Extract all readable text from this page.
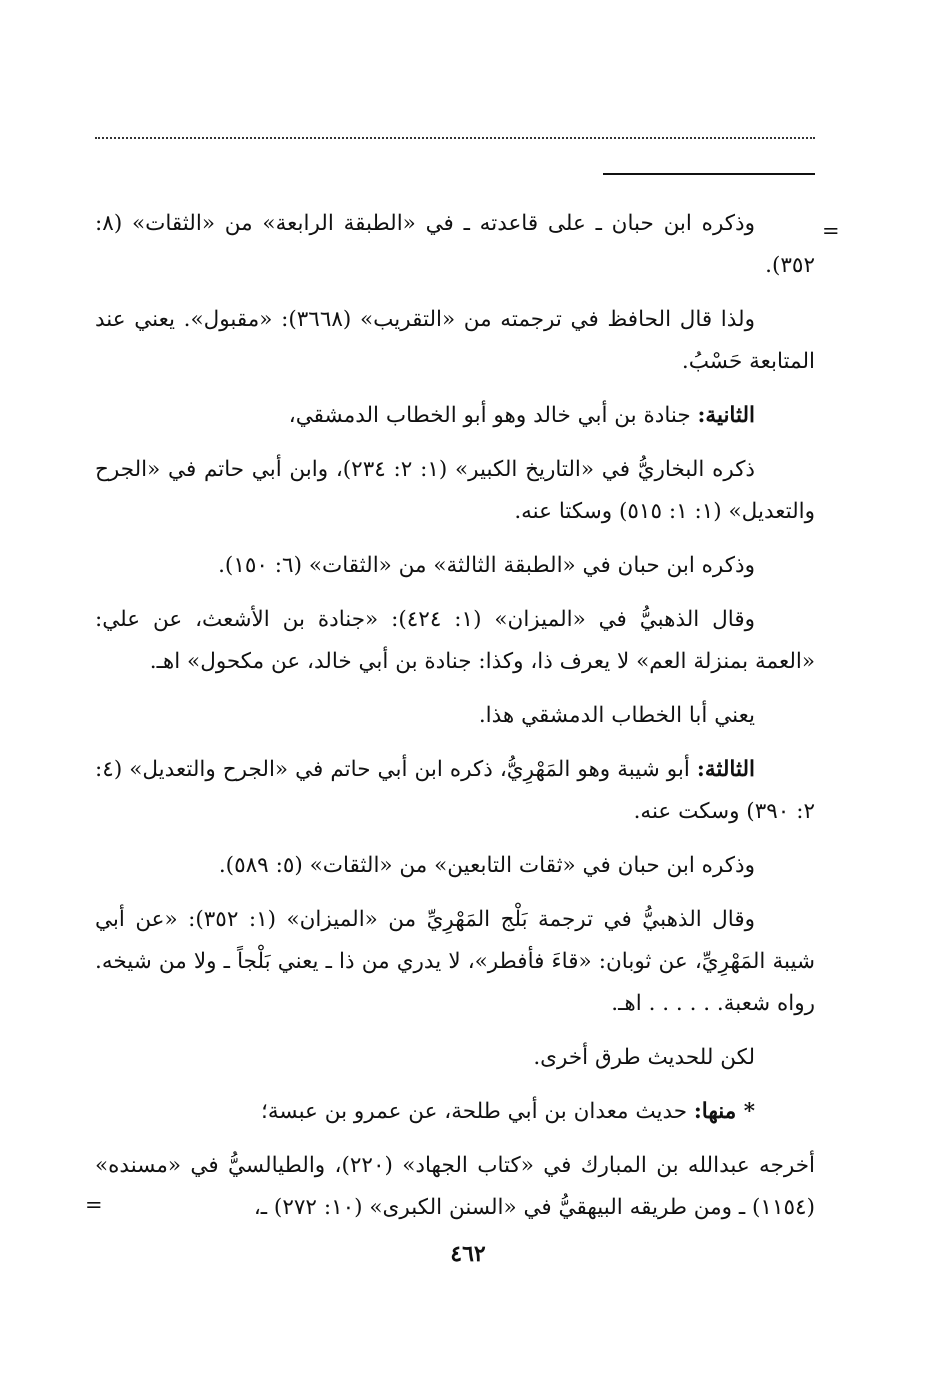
=

وذكره ابن حبان ـ على قاعدته ـ في «الطبقة الرابعة» من «الثقات» (٨: ٣٥٢).

ولذا قال الحافظ في ترجمته من «التقريب» (٣٦٦٨): «مقبول». يعني عند المتابعة حَسْبُ.

الثانية: جنادة بن أبي خالد وهو أبو الخطاب الدمشقي،

ذكره البخاريُّ في «التاريخ الكبير» (١: ٢: ٢٣٤)، وابن أبي حاتم في «الجرح والتعديل» (١: ١: ٥١٥) وسكتا عنه.

وذكره ابن حبان في «الطبقة الثالثة» من «الثقات» (٦: ١٥٠).

وقال الذهبيُّ في «الميزان» (١: ٤٢٤): «جنادة بن الأشعث، عن علي: «العمة بمنزلة العم» لا يعرف ذا، وكذا: جنادة بن أبي خالد، عن مكحول» اهـ.

يعني أبا الخطاب الدمشقي هذا.

الثالثة: أبو شيبة وهو المَهْرِيُّ، ذكره ابن أبي حاتم في «الجرح والتعديل» (٤: ٢: ٣٩٠) وسكت عنه.

وذكره ابن حبان في «ثقات التابعين» من «الثقات» (٥: ٥٨٩).

وقال الذهبيُّ في ترجمة بَلْج المَهْرِيِّ من «الميزان» (١: ٣٥٢): «عن أبي شيبة المَهْرِيِّ، عن ثوبان: «قاءَ فأفطر»، لا يدري من ذا ـ يعني بَلْجاً ـ ولا من شيخه. رواه شعبة. . . . . . اهـ.

لكن للحديث طرق أخرى.

* منها: حديث معدان بن أبي طلحة، عن عمرو بن عبسة؛

أخرجه عبدالله بن المبارك في «كتاب الجهاد» (٢٢٠)، والطيالسيُّ في «مسنده» (١١٥٤) ـ ومن طريقه البيهقيُّ في «السنن الكبرى» (١٠: ٢٧٢) ـ،

=
٤٦٢
